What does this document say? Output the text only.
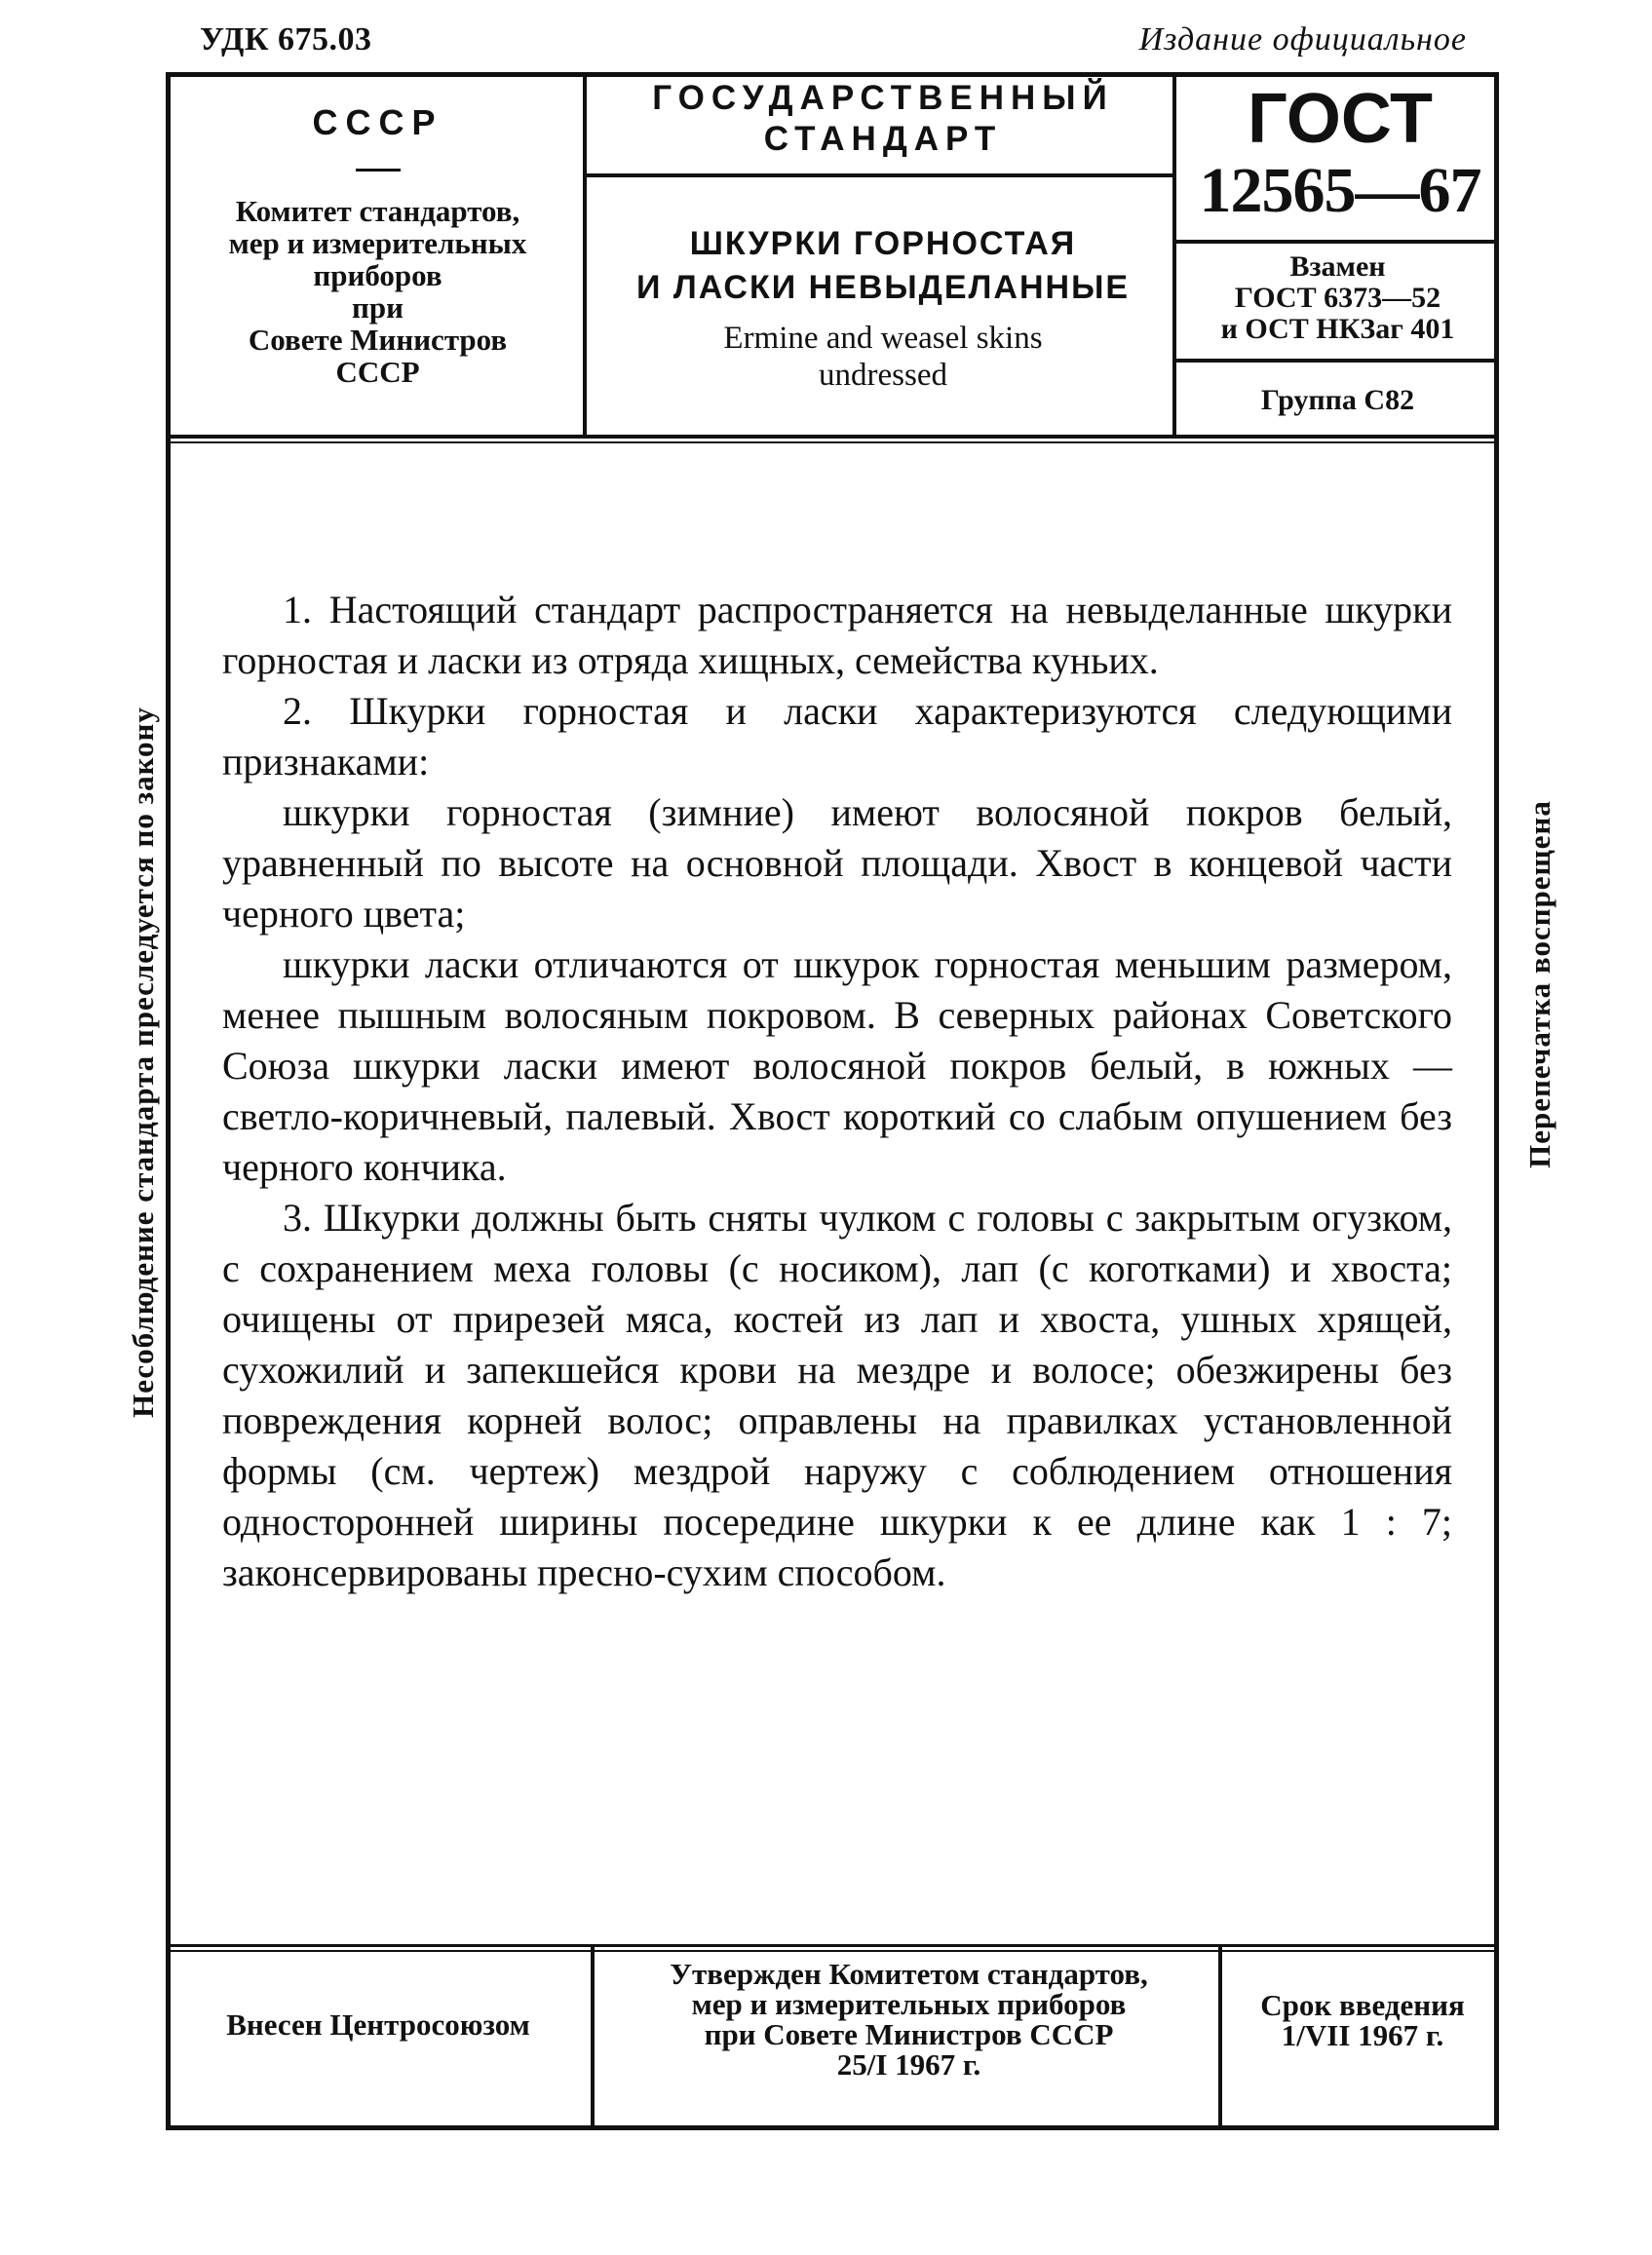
УДК 675.03	Издание официальное
СССР
Комитет стандартов,
мер и измерительных
приборов
при
Совете Министров
СССР
ГОСУДАРСТВЕННЫЙ
СТАНДАРТ
ШКУРКИ ГОРНОСТАЯ
И ЛАСКИ НЕВЫДЕЛАННЫЕ
Ermine and weasel skins
undressed
ГОСТ
12565—67
Взамен
ГОСТ 6373—52
и ОСТ НКЗаг 401
Группа С82

1. Настоящий стандарт распространяется на невыделанные шкурки горностая и ласки из отряда хищных, семейства куньих.

2. Шкурки горностая и ласки характеризуются следующими признаками:

шкурки горностая (зимние) имеют волосяной покров белый, уравненный по высоте на основной площади. Хвост в концевой части черного цвета;

шкурки ласки отличаются от шкурок горностая меньшим размером, менее пышным волосяным покровом. В северных районах Советского Союза шкурки ласки имеют волосяной покров белый, в южных — светло-коричневый, палевый. Хвост короткий со слабым опушением без черного кончика.

3. Шкурки должны быть сняты чулком с головы с закрытым огузком, с сохранением меха головы (с носиком), лап (с коготками) и хвоста; очищены от прирезей мяса, костей из лап и хвоста, ушных хрящей, сухожилий и запекшейся крови на мездре и волосе; обезжирены без повреждения корней волос; оправлены на правилках установленной формы (см. чертеж) мездрой наружу с соблюдением отношения односторонней ширины посередине шкурки к ее длине как 1 : 7; законсервированы пресно-сухим способом.

Несоблюдение стандарта преследуется по закону	Перепечатка воспрещена
Внесен Центросоюзом
Утвержден Комитетом стандартов,
мер и измерительных приборов
при Совете Министров СССР
25/I 1967 г.
Срок введения
1/VII 1967 г.
